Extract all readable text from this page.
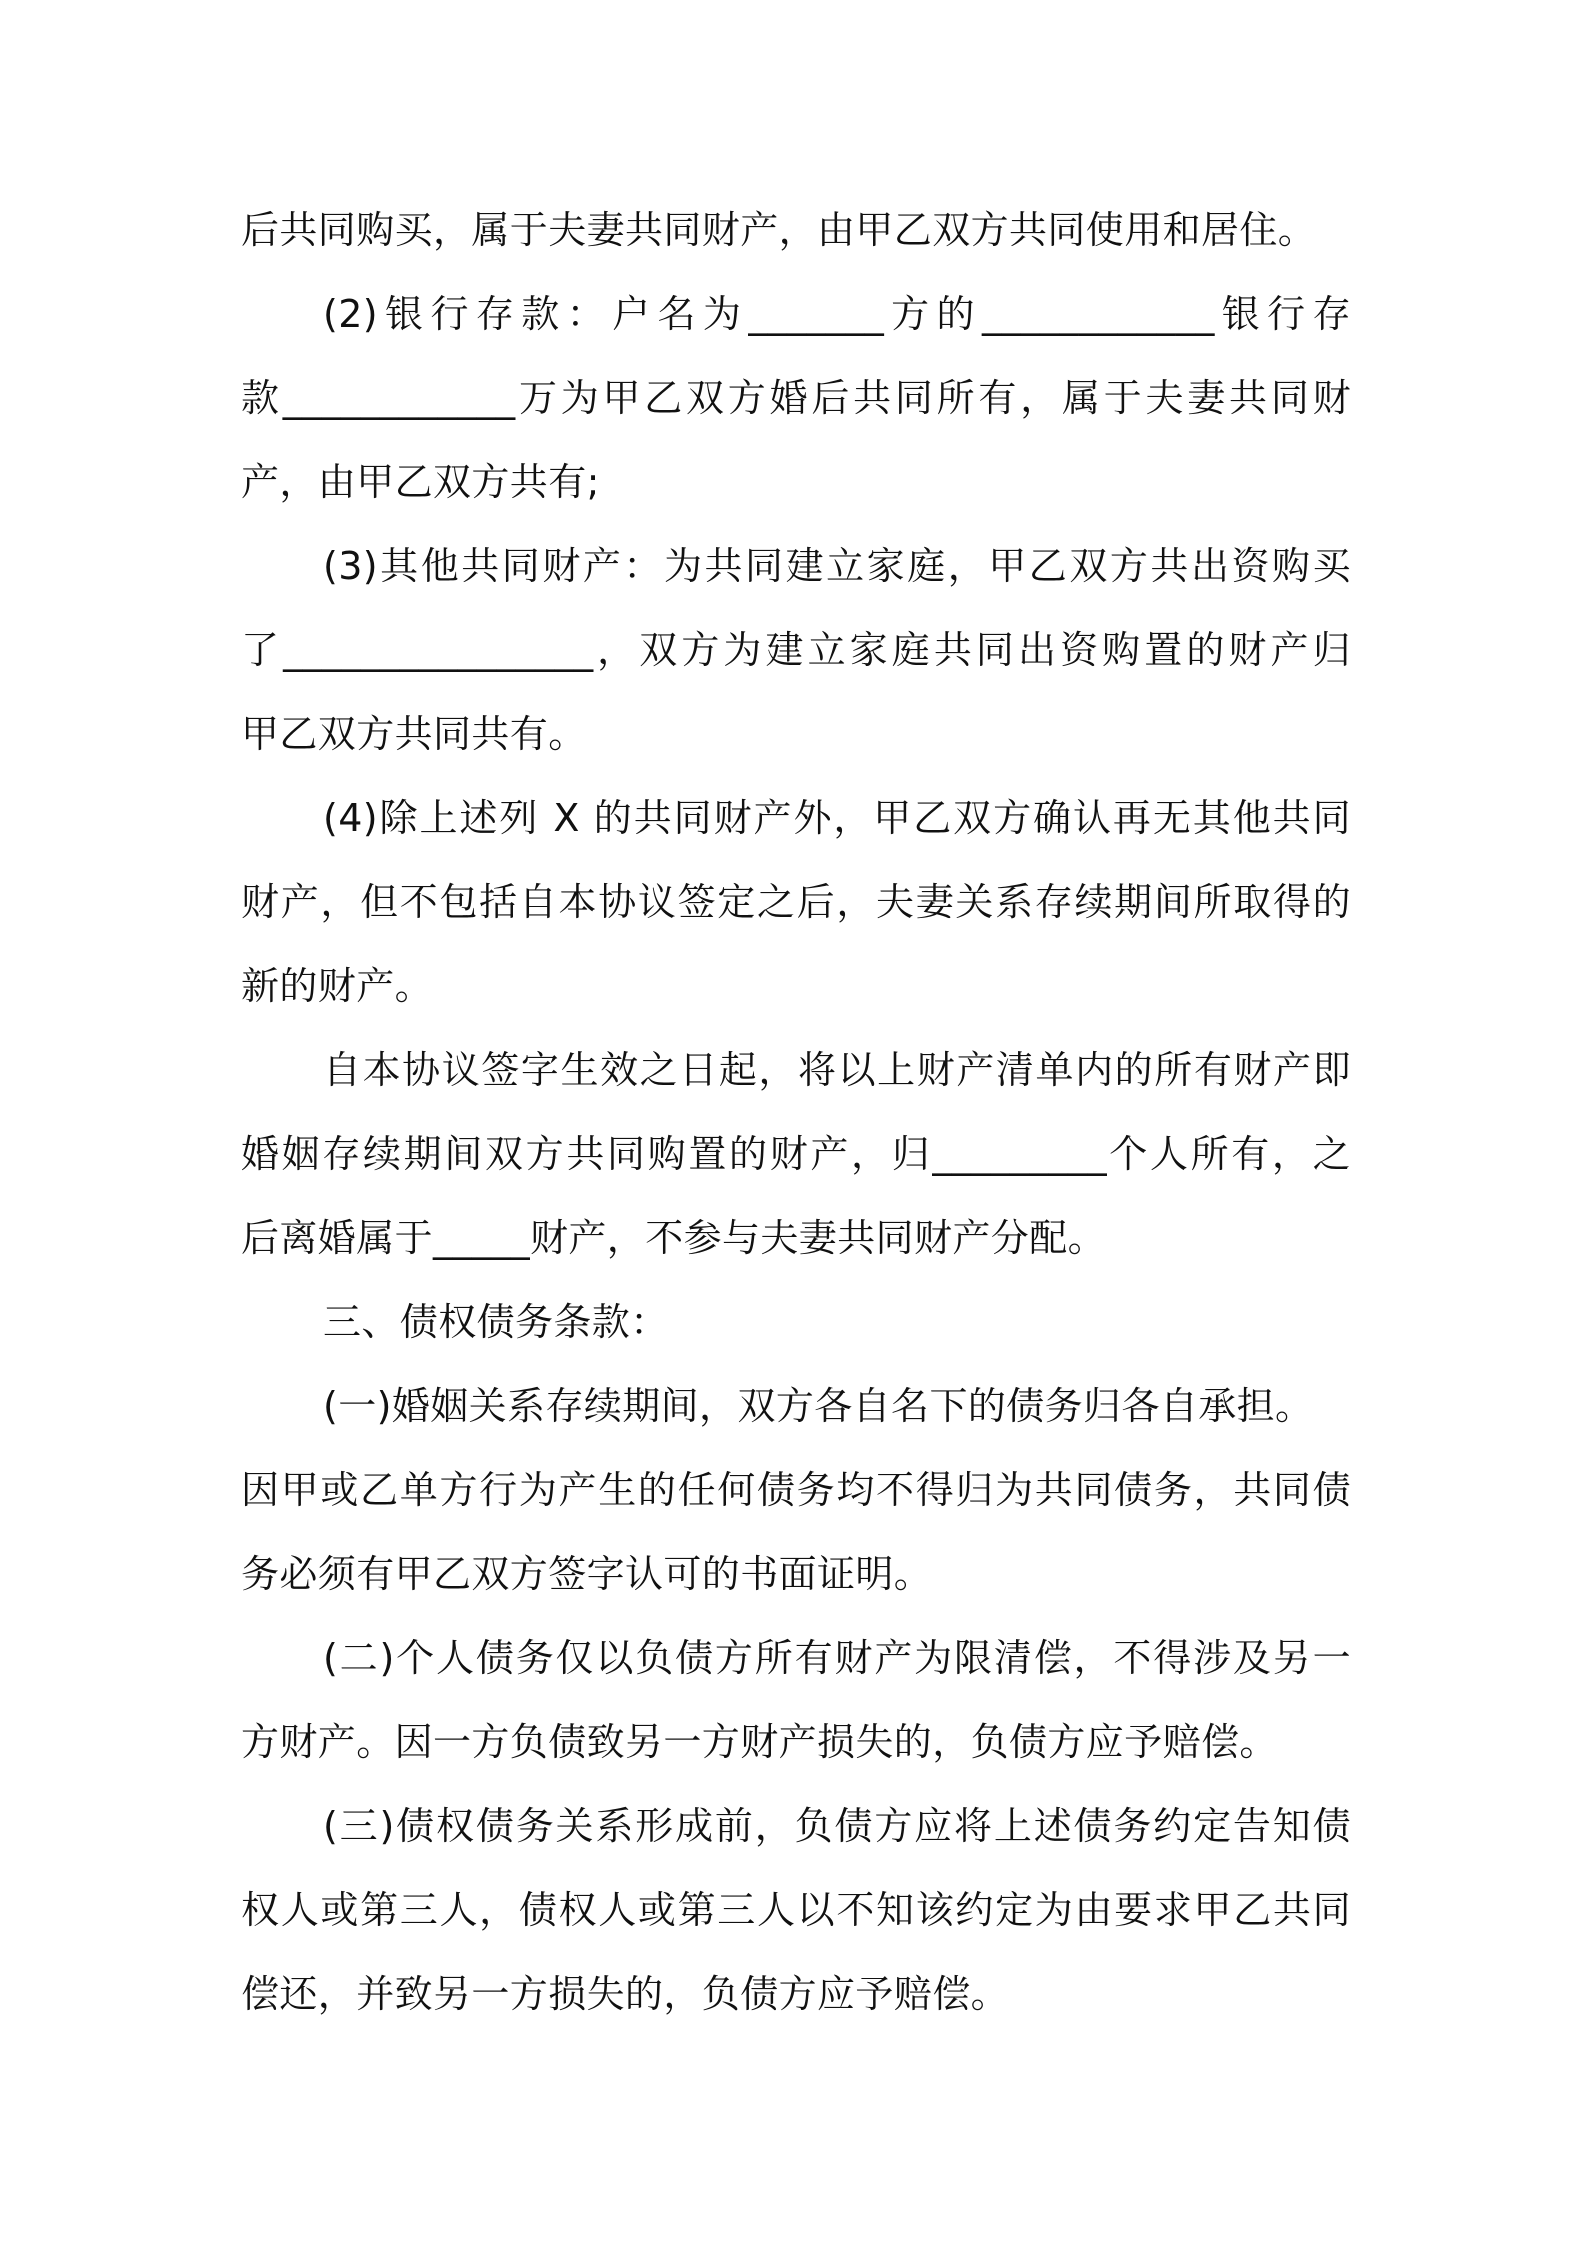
后共同购买，属于夫妻共同财产，由甲乙双方共同使用和居住。
(2)银行存款：户名为_______方的____________银行存
款____________万为甲乙双方婚后共同所有，属于夫妻共同财
产，由甲乙双方共有;
(3)其他共同财产：为共同建立家庭，甲乙双方共出资购买
了________________，双方为建立家庭共同出资购置的财产归
甲乙双方共同共有。
(4)除上述列 X 的共同财产外，甲乙双方确认再无其他共同
财产，但不包括自本协议签定之后，夫妻关系存续期间所取得的
新的财产。
自本协议签字生效之日起，将以上财产清单内的所有财产即
婚姻存续期间双方共同购置的财产，归_________个人所有，之
后离婚属于_____财产，不参与夫妻共同财产分配。
三、债权债务条款：
(一)婚姻关系存续期间，双方各自名下的债务归各自承担。
因甲或乙单方行为产生的任何债务均不得归为共同债务，共同债
务必须有甲乙双方签字认可的书面证明。
(二)个人债务仅以负债方所有财产为限清偿，不得涉及另一
方财产。因一方负债致另一方财产损失的，负债方应予赔偿。
(三)债权债务关系形成前，负债方应将上述债务约定告知债
权人或第三人，债权人或第三人以不知该约定为由要求甲乙共同
偿还，并致另一方损失的，负债方应予赔偿。
